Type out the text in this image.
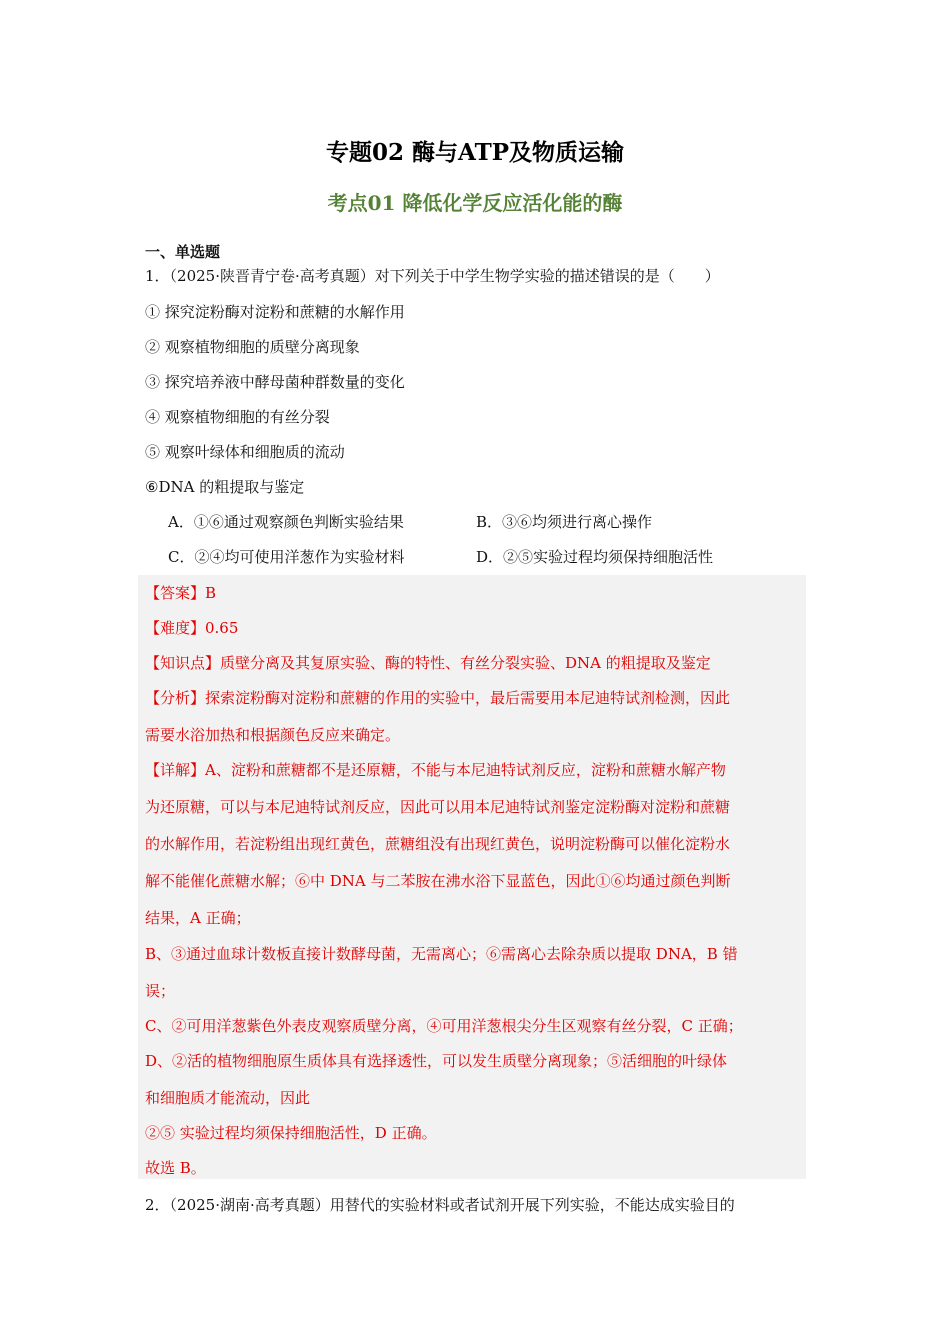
专题02 酶与ATP及物质运输
考点01 降低化学反应活化能的酶
一、单选题
1．（2025·陕晋青宁卷·高考真题）对下列关于中学生物学实验的描述错误的是（　　）
① 探究淀粉酶对淀粉和蔗糖的水解作用
② 观察植物细胞的质壁分离现象
③ 探究培养液中酵母菌种群数量的变化
④ 观察植物细胞的有丝分裂
⑤ 观察叶绿体和细胞质的流动
⑥DNA 的粗提取与鉴定
A．①⑥通过观察颜色判断实验结果	B．③⑥均须进行离心操作
C．②④均可使用洋葱作为实验材料	D．②⑤实验过程均须保持细胞活性
【答案】B
【难度】0.65
【知识点】质壁分离及其复原实验、酶的特性、有丝分裂实验、DNA 的粗提取及鉴定
【分析】探索淀粉酶对淀粉和蔗糖的作用的实验中，最后需要用本尼迪特试剂检测，因此
需要水浴加热和根据颜色反应来确定。
【详解】A、淀粉和蔗糖都不是还原糖，不能与本尼迪特试剂反应，淀粉和蔗糖水解产物
为还原糖，可以与本尼迪特试剂反应，因此可以用本尼迪特试剂鉴定淀粉酶对淀粉和蔗糖
的水解作用，若淀粉组出现红黄色，蔗糖组没有出现红黄色，说明淀粉酶可以催化淀粉水
解不能催化蔗糖水解；⑥中 DNA 与二苯胺在沸水浴下显蓝色，因此①⑥均通过颜色判断
结果，A 正确；
B、③通过血球计数板直接计数酵母菌，无需离心；⑥需离心去除杂质以提取 DNA，B 错
误；
C、②可用洋葱紫色外表皮观察质壁分离，④可用洋葱根尖分生区观察有丝分裂，C 正确；
D、②活的植物细胞原生质体具有选择透性，可以发生质壁分离现象；⑤活细胞的叶绿体
和细胞质才能流动，因此
②⑤ 实验过程均须保持细胞活性，D 正确。
故选 B。
2．（2025·湖南·高考真题）用替代的实验材料或者试剂开展下列实验，不能达成实验目的
